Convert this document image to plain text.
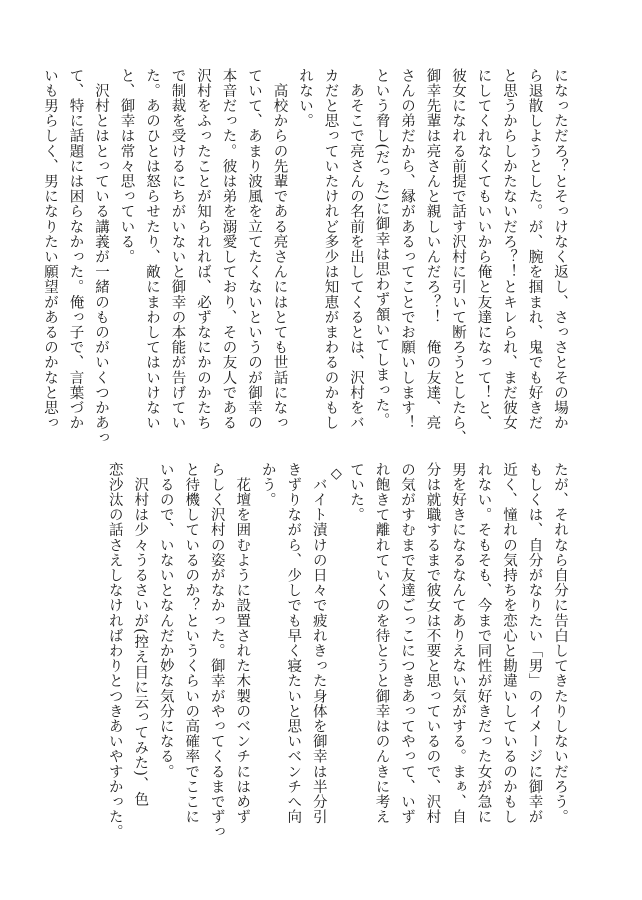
になっただろ？とそっけなく返し、さっさとその場か

ら退散しようとした。が、腕を掴まれ、鬼でも好きだ

と思うからしかたないだろ？！とキレられ、まだ彼女

にしてくれなくてもいいから俺と友達になって！と、

彼女になれる前提で話す沢村に引いて断ろうとしたら、

御幸先輩は亮さんと親しいんだろ？！　俺の友達、亮

さんの弟だから、縁があるってことでお願いします！

という脅し(だった)に御幸は思わず頷いてしまった。

　あそこで亮さんの名前を出してくるとは、沢村をバ

カだと思っていたけれど多少は知恵がまわるのかもし

れない。

　高校からの先輩である亮さんにはとても世話になっ

ていて、あまり波風を立てたくないというのが御幸の

本音だった。彼は弟を溺愛しており、その友人である

沢村をふったことが知られれば、必ずなにかのかたち

で制裁を受けるにちがいないと御幸の本能が告げてい

た。あのひとは怒らせたり、敵にまわしてはいけない

と、御幸は常々思っている。

　沢村とはとっている講義が一緒のものがいくつかあっ

て、特に話題には困らなかった。俺っ子で、言葉づか

いも男らしく、男になりたい願望があるのかなと思っ

たが、それなら自分に告白してきたりしないだろう。

もしくは、自分がなりたい「男」のイメージに御幸が

近く、憧れの気持ちを恋心と勘違いしているのかもし

れない。そもそも、今まで同性が好きだった女が急に

男を好きになるなんてありえない気がする。まぁ、自

分は就職するまで彼女は不要と思っているので、沢村

の気がすむまで友達ごっこにつきあってやって、いず

れ飽きて離れていくのを待とうと御幸はのんきに考え

ていた。

◇

　バイト漬けの日々で疲れきった身体を御幸は半分引

きずりながら、少しでも早く寝たいと思いベンチへ向

かう。

　花壇を囲むように設置された木製のベンチにはめず

らしく沢村の姿がなかった。御幸がやってくるまでずっ

と待機しているのか？というくらいの高確率でここに

いるので、いないとなんだか妙な気分になる。

　沢村は少々うるさいが(控え目に云ってみた)、色

恋沙汰の話さえしなければわりとつきあいやすかった。
